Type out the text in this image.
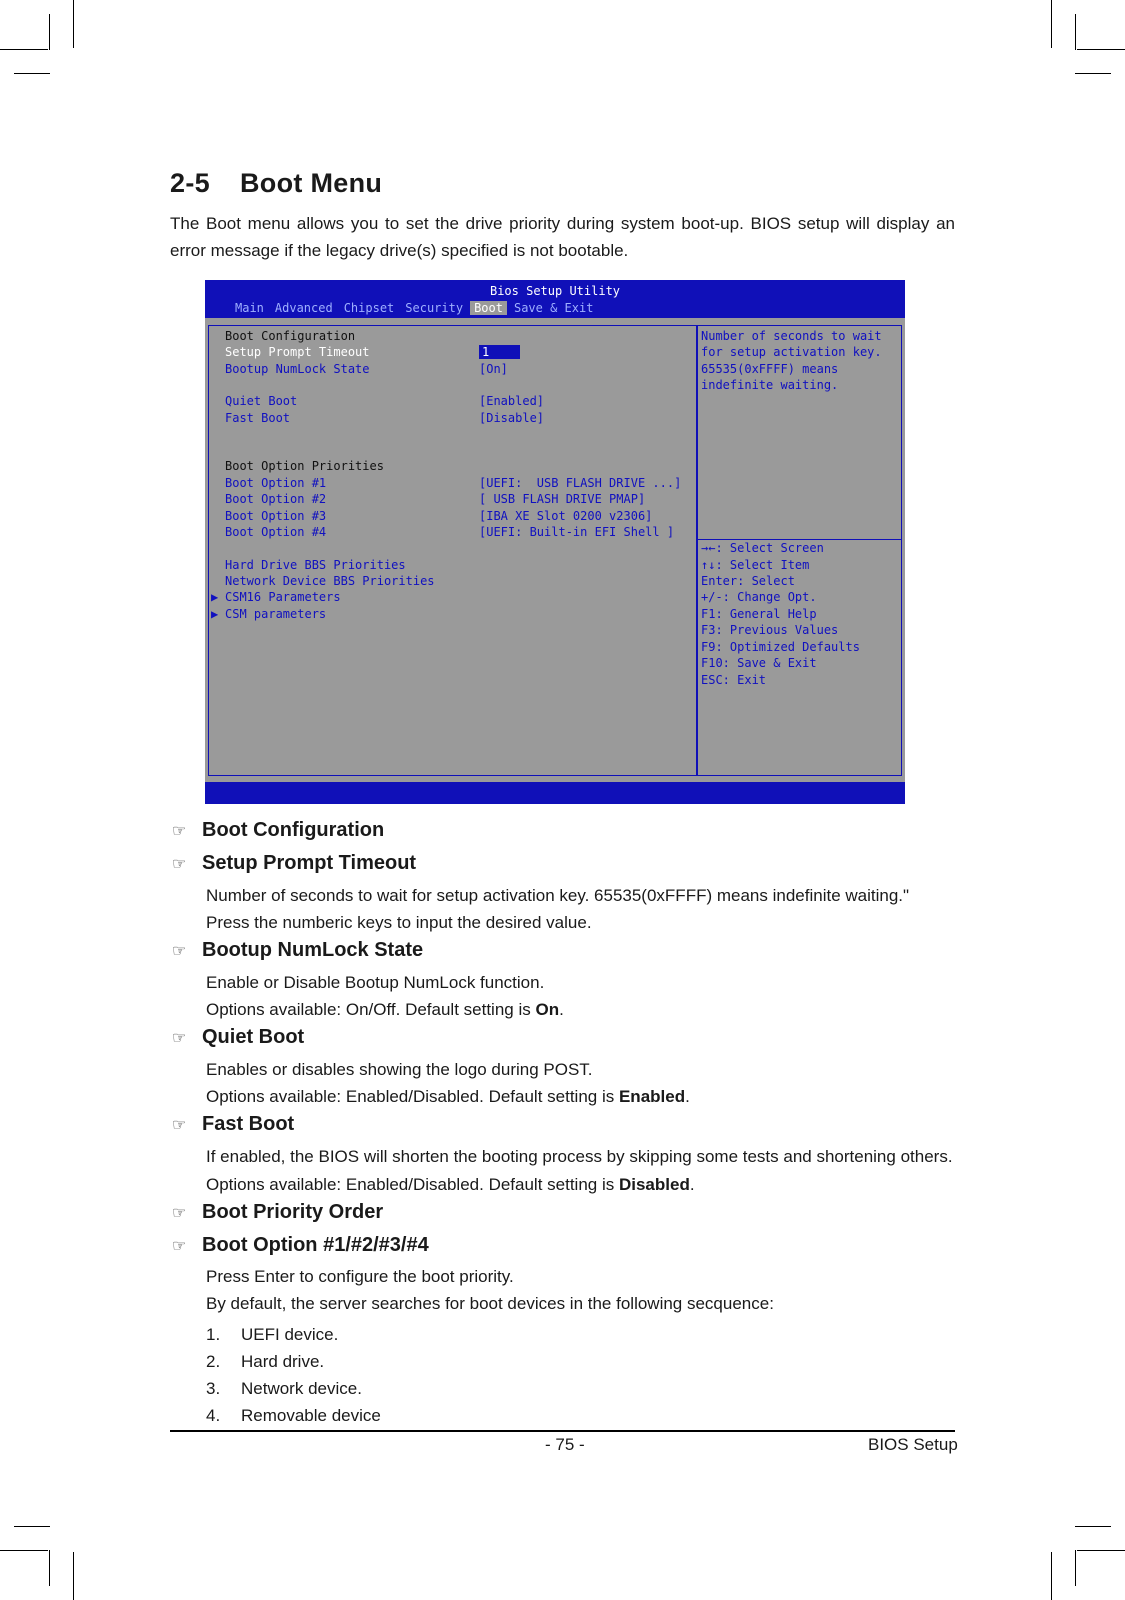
2-5 Boot Menu
The Boot menu allows you to set the drive priority during system boot-up. BIOS setup will display an error message if the legacy drive(s) specified is not bootable.
Bios Setup Utility
Main Advanced Chipset Security Boot Save & Exit
Boot Configuration
Setup Prompt Timeout	1
Bootup NumLock State	[On]
Quiet Boot	[Enabled]
Fast Boot	[Disable]
Boot Option Priorities
Boot Option #1	[UEFI:  USB FLASH DRIVE ...]
Boot Option #2	[ USB FLASH DRIVE PMAP]
Boot Option #3	[IBA XE Slot 0200 v2306]
Boot Option #4	[UEFI: Built-in EFI Shell ]
Hard Drive BBS Priorities
Network Device BBS Priorities
▶ CSM16 Parameters
▶ CSM parameters
Number of seconds to wait
for setup activation key.
65535(0xFFFF) means
indefinite waiting.
→←: Select Screen
↑↓: Select Item
Enter: Select
+/-: Change Opt.
F1: General Help
F3: Previous Values
F9: Optimized Defaults
F10: Save & Exit
ESC: Exit
☞ Boot Configuration
☞ Setup Prompt Timeout
Number of seconds to wait for setup activation key. 65535(0xFFFF) means indefinite waiting."
Press the numberic keys to input the desired value.
☞ Bootup NumLock State
Enable or Disable Bootup NumLock function.
Options available: On/Off. Default setting is On.
☞ Quiet Boot
Enables or disables showing the logo during POST.
Options available: Enabled/Disabled. Default setting is Enabled.
☞ Fast Boot
If enabled, the BIOS will shorten the booting process by skipping some tests and shortening others.
Options available: Enabled/Disabled. Default setting is Disabled.
☞ Boot Priority Order
☞ Boot Option #1/#2/#3/#4
Press Enter to configure the boot priority.
By default, the server searches for boot devices in the following secquence:
1. UEFI device.
2. Hard drive.
3. Network device.
4. Removable device
- 75 -	BIOS Setup
